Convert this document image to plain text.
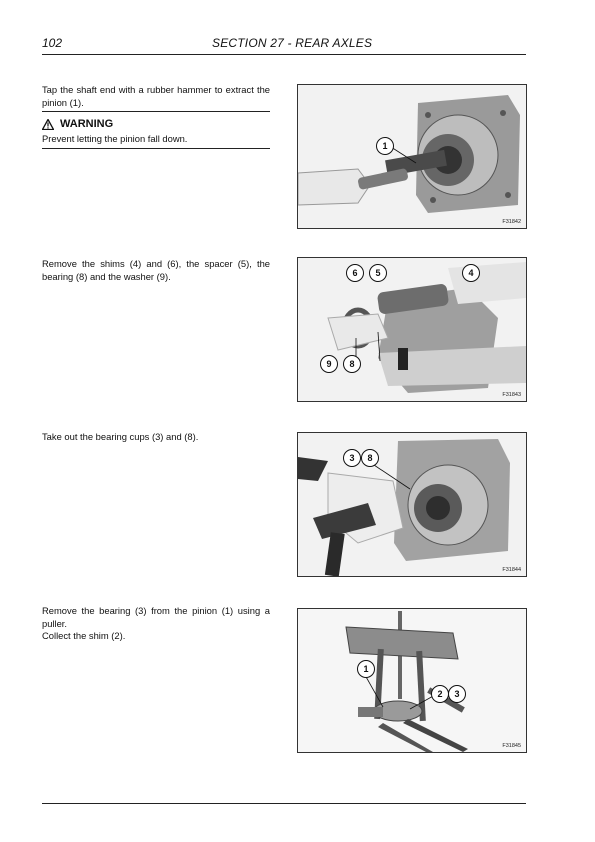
102	SECTION 27 - REAR AXLES
Tap the shaft end with a rubber hammer to extract the pinion (1).
WARNING
Prevent letting the pinion fall down.
1
F31842
Remove the shims (4) and (6), the spacer (5), the bearing (8) and the washer (9).	6	5	4
9	8
F31843
Take out the bearing cups (3) and (8).
3	8
F31844
Remove the bearing (3) from the pinion (1) using a puller.
Collect the shim (2).
1
2	3
F31845
